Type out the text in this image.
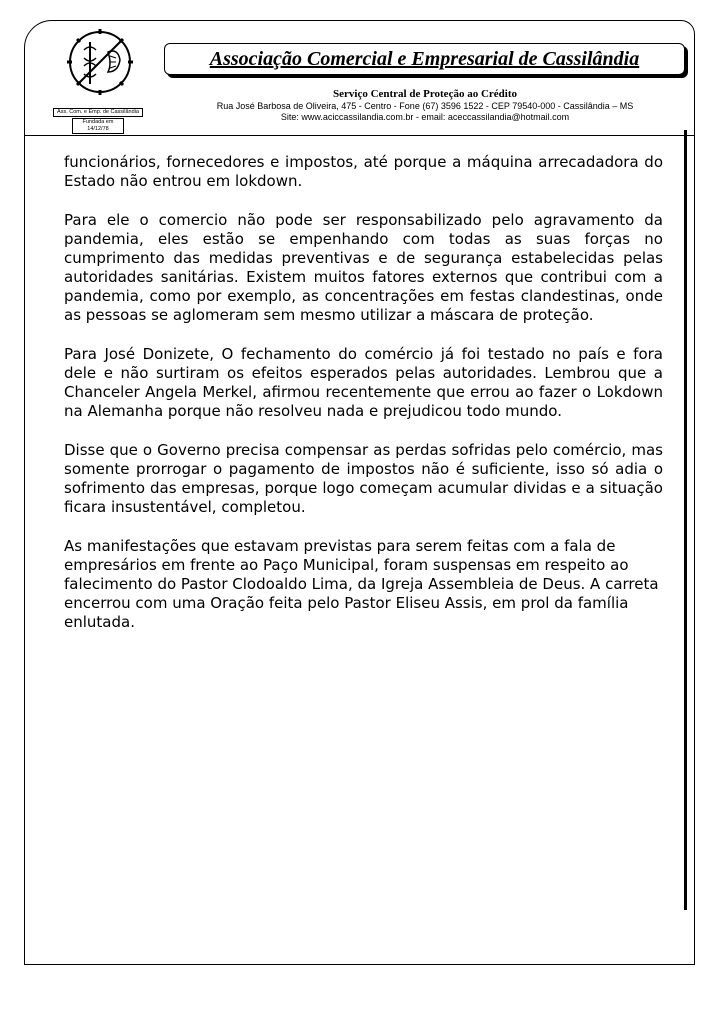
Ass. Com. e Emp. de Cassilândia
Fundada em 14/12/78
Associação Comercial e Empresarial de Cassilândia
Serviço Central de Proteção ao Crédito
Rua José Barbosa de Oliveira, 475 - Centro - Fone (67) 3596 1522 - CEP 79540-000 - Cassilândia – MS
Site: www.aciccassilandia.com.br - email: aceccassilandia@hotmail.com

funcionários, fornecedores e impostos, até porque a máquina arrecadadora do Estado não entrou em lokdown.

Para ele o comercio não pode ser responsabilizado pelo agravamento da pandemia, eles estão se empenhando com todas as suas forças no cumprimento das medidas preventivas e de segurança estabelecidas pelas autoridades sanitárias. Existem muitos fatores externos que contribui com a pandemia, como por exemplo, as concentrações em festas clandestinas, onde as pessoas se aglomeram sem mesmo utilizar a máscara de proteção.

Para José Donizete, O fechamento do comércio já foi testado no país e fora dele e não surtiram os efeitos esperados pelas autoridades. Lembrou que a Chanceler Angela Merkel, afirmou recentemente que errou ao fazer o Lokdown na Alemanha porque não resolveu nada e prejudicou todo mundo.

Disse que o Governo precisa compensar as perdas sofridas pelo comércio, mas somente prorrogar o pagamento de impostos não é suficiente, isso só adia o sofrimento das empresas, porque logo começam acumular dividas e a situação ficara insustentável, completou.

As manifestações que estavam previstas para serem feitas com a fala de empresários em frente ao Paço Municipal, foram suspensas em respeito ao falecimento do Pastor Clodoaldo Lima, da Igreja Assembleia de Deus. A carreta encerrou com uma Oração feita pelo Pastor Eliseu Assis, em prol da família enlutada.
